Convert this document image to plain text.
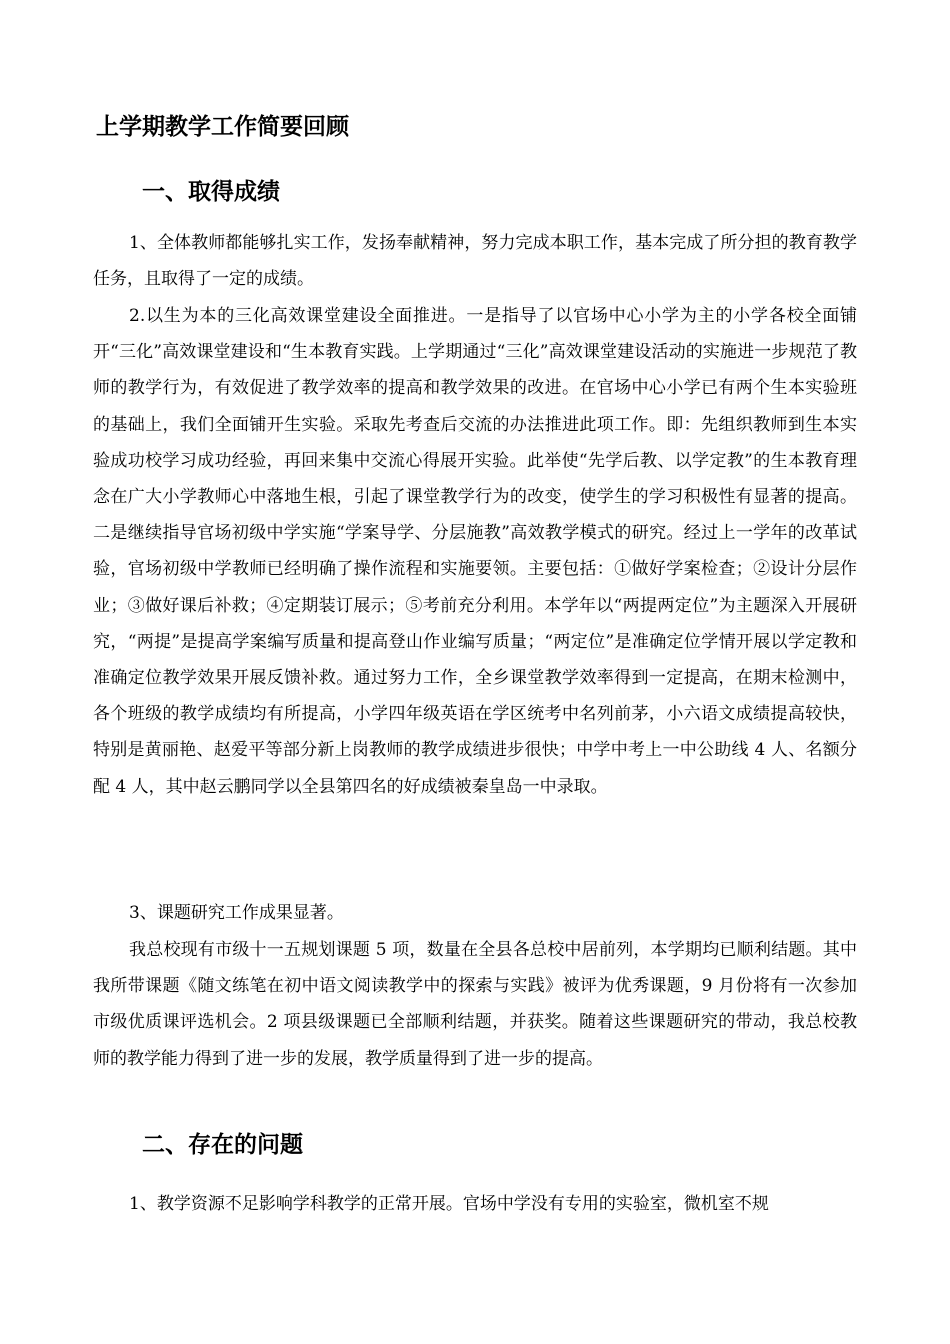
上学期教学工作简要回顾
一、取得成绩

1、全体教师都能够扎实工作，发扬奉献精神，努力完成本职工作，基本完成了所分担的教育教学任务，且取得了一定的成绩。

2.以生为本的三化高效课堂建设全面推进。一是指导了以官场中心小学为主的小学各校全面铺开“三化”高效课堂建设和“生本教育实践。上学期通过“三化”高效课堂建设活动的实施进一步规范了教师的教学行为，有效促进了教学效率的提高和教学效果的改进。在官场中心小学已有两个生本实验班的基础上，我们全面铺开生实验。采取先考查后交流的办法推进此项工作。即：先组织教师到生本实验成功校学习成功经验，再回来集中交流心得展开实验。此举使“先学后教、以学定教”的生本教育理念在广大小学教师心中落地生根，引起了课堂教学行为的改变，使学生的学习积极性有显著的提高。二是继续指导官场初级中学实施“学案导学、分层施教”高效教学模式的研究。经过上一学年的改革试验，官场初级中学教师已经明确了操作流程和实施要领。主要包括：①做好学案检查；②设计分层作业；③做好课后补救；④定期装订展示；⑤考前充分利用。本学年以“两提两定位”为主题深入开展研究，“两提”是提高学案编写质量和提高登山作业编写质量；“两定位”是准确定位学情开展以学定教和准确定位教学效果开展反馈补救。通过努力工作，全乡课堂教学效率得到一定提高，在期末检测中，各个班级的教学成绩均有所提高，小学四年级英语在学区统考中名列前茅，小六语文成绩提高较快，特别是黄丽艳、赵爱平等部分新上岗教师的教学成绩进步很快；中学中考上一中公助线 4 人、名额分配 4 人，其中赵云鹏同学以全县第四名的好成绩被秦皇岛一中录取。

3、课题研究工作成果显著。

我总校现有市级十一五规划课题 5 项，数量在全县各总校中居前列，本学期均已顺利结题。其中我所带课题《随文练笔在初中语文阅读教学中的探索与实践》被评为优秀课题，9 月份将有一次参加市级优质课评选机会。2 项县级课题已全部顺利结题，并获奖。随着这些课题研究的带动，我总校教师的教学能力得到了进一步的发展，教学质量得到了进一步的提高。

二、存在的问题

1、教学资源不足影响学科教学的正常开展。官场中学没有专用的实验室，微机室不规
